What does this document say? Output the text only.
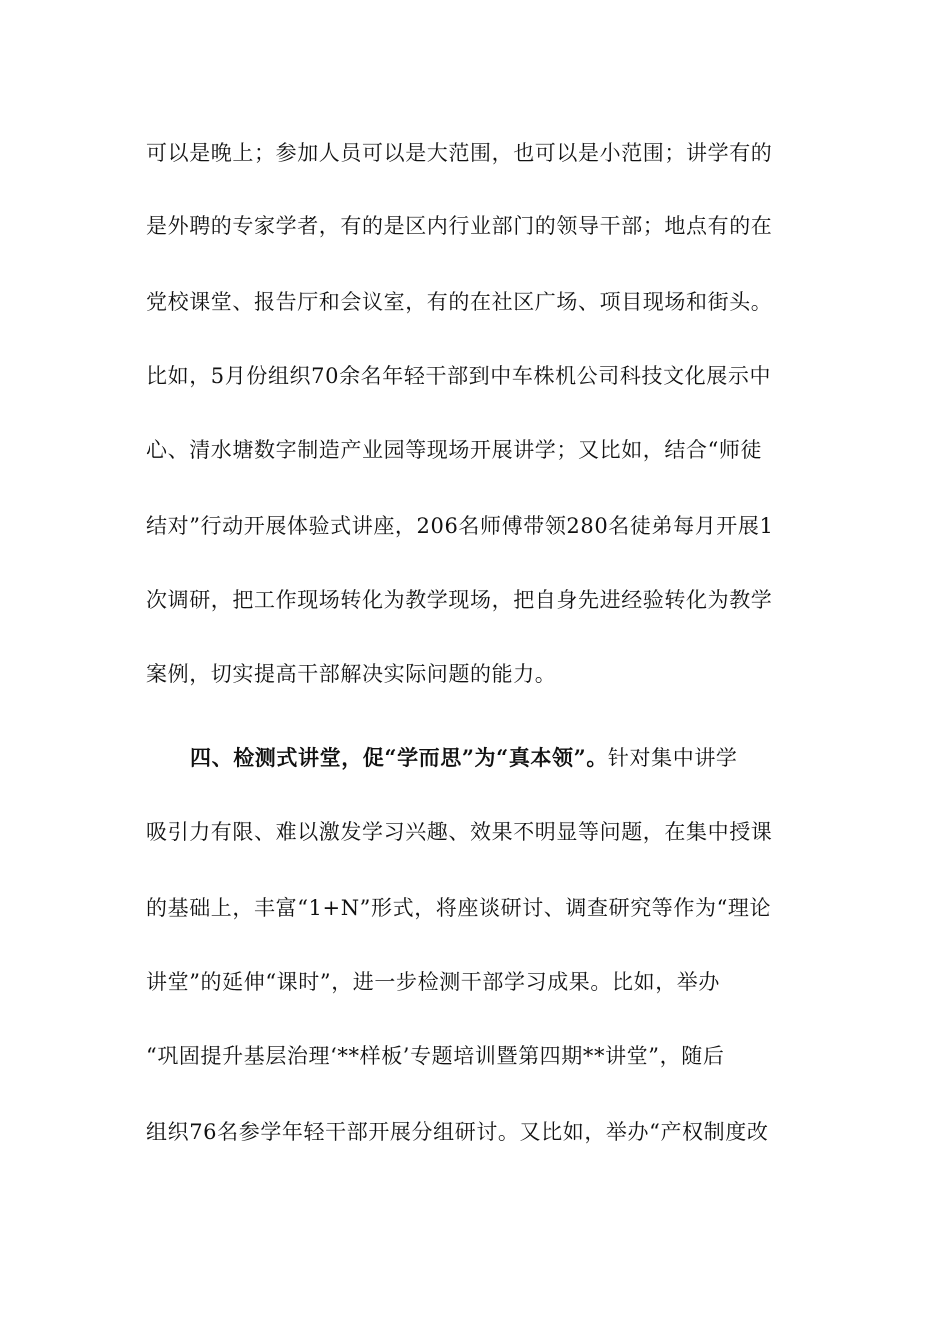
可以是晚上；参加人员可以是大范围，也可以是小范围；讲学有的
是外聘的专家学者，有的是区内行业部门的领导干部；地点有的在
党校课堂、报告厅和会议室，有的在社区广场、项目现场和街头。
比如，5月份组织70余名年轻干部到中车株机公司科技文化展示中
心、清水塘数字制造产业园等现场开展讲学；又比如，结合“师徒
结对”行动开展体验式讲座，206名师傅带领280名徒弟每月开展1
次调研，把工作现场转化为教学现场，把自身先进经验转化为教学
案例，切实提高干部解决实际问题的能力。
四、检测式讲堂，促“学而思”为“真本领”。针对集中讲学
吸引力有限、难以激发学习兴趣、效果不明显等问题，在集中授课
的基础上，丰富“1+N”形式，将座谈研讨、调查研究等作为“理论
讲堂”的延伸“课时”，进一步检测干部学习成果。比如，举办
“巩固提升基层治理‘**样板’专题培训暨第四期**讲堂”，随后
组织76名参学年轻干部开展分组研讨。又比如，举办“产权制度改
